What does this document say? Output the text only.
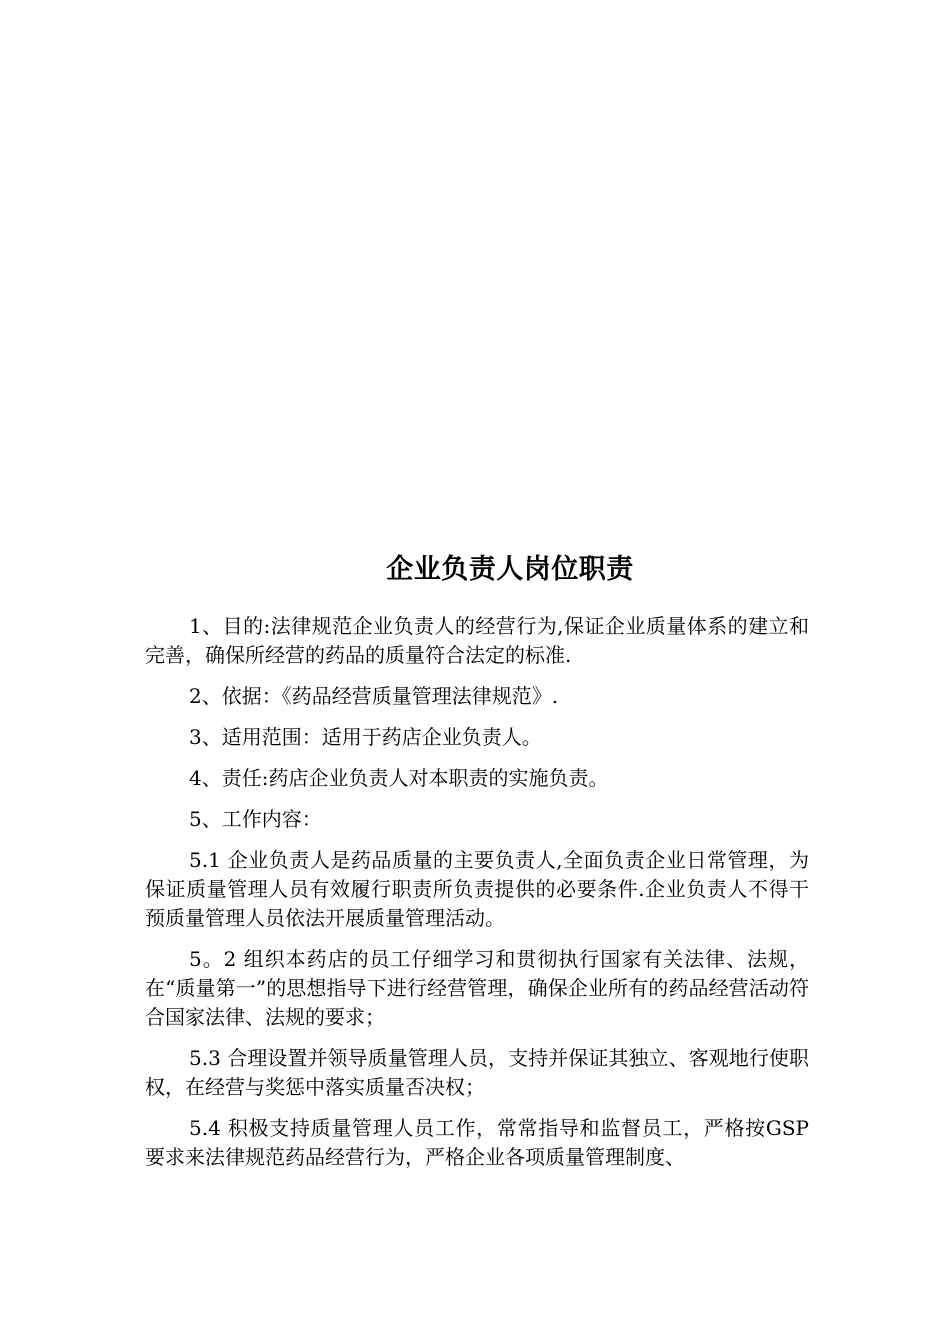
企业负责人岗位职责

1、目的:法律规范企业负责人的经营行为,保证企业质量体系的建立和完善，确保所经营的药品的质量符合法定的标准.

2、依据：《药品经营质量管理法律规范》.

3、适用范围：适用于药店企业负责人。

4、责任:药店企业负责人对本职责的实施负责。

5、工作内容：

5.1 企业负责人是药品质量的主要负责人,全面负责企业日常管理，为保证质量管理人员有效履行职责所负责提供的必要条件.企业负责人不得干预质量管理人员依法开展质量管理活动。

5。2 组织本药店的员工仔细学习和贯彻执行国家有关法律、法规，在“质量第一”的思想指导下进行经营管理，确保企业所有的药品经营活动符合国家法律、法规的要求；

5.3 合理设置并领导质量管理人员，支持并保证其独立、客观地行使职权，在经营与奖惩中落实质量否决权；

5.4 积极支持质量管理人员工作，常常指导和监督员工，严格按GSP要求来法律规范药品经营行为，严格企业各项质量管理制度、
